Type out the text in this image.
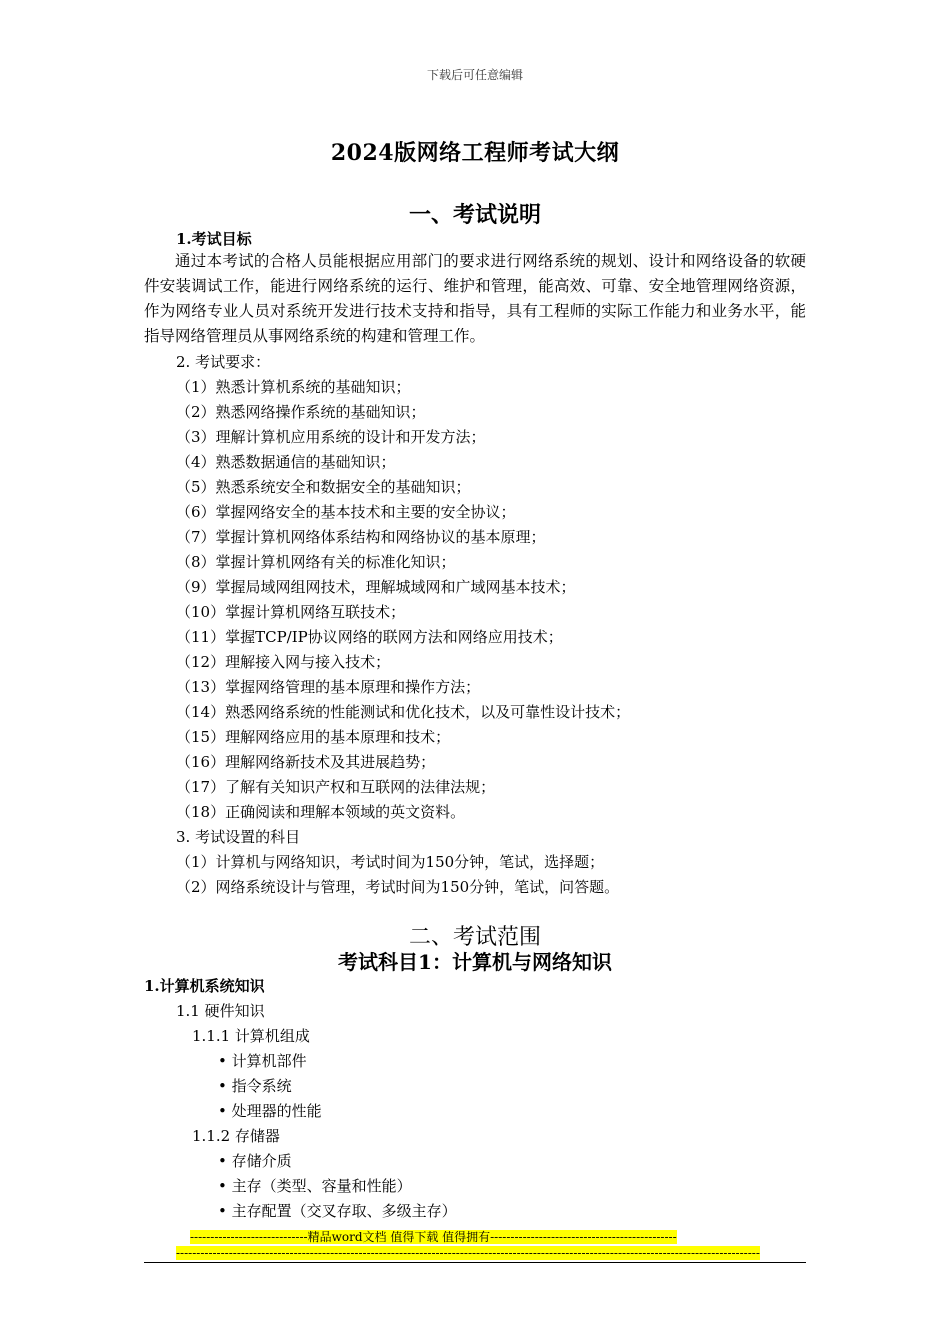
下载后可任意编辑
2024版网络工程师考试大纲
一、考试说明
1.考试目标
通过本考试的合格人员能根据应用部门的要求进行网络系统的规划、设计和网络设备的软硬件安装调试工作，能进行网络系统的运行、维护和管理，能高效、可靠、安全地管理网络资源，作为网络专业人员对系统开发进行技术支持和指导，具有工程师的实际工作能力和业务水平，能指导网络管理员从事网络系统的构建和管理工作。
2. 考试要求：
（1）熟悉计算机系统的基础知识；
（2）熟悉网络操作系统的基础知识；
（3）理解计算机应用系统的设计和开发方法；
（4）熟悉数据通信的基础知识；
（5）熟悉系统安全和数据安全的基础知识；
（6）掌握网络安全的基本技术和主要的安全协议；
（7）掌握计算机网络体系结构和网络协议的基本原理；
（8）掌握计算机网络有关的标准化知识；
（9）掌握局域网组网技术，理解城域网和广域网基本技术；
（10）掌握计算机网络互联技术；
（11）掌握TCP/IP协议网络的联网方法和网络应用技术；
（12）理解接入网与接入技术；
（13）掌握网络管理的基本原理和操作方法；
（14）熟悉网络系统的性能测试和优化技术，以及可靠性设计技术；
（15）理解网络应用的基本原理和技术；
（16）理解网络新技术及其进展趋势；
（17）了解有关知识产权和互联网的法律法规；
（18）正确阅读和理解本领域的英文资料。
3. 考试设置的科目
（1）计算机与网络知识，考试时间为150分钟，笔试，选择题；
（2）网络系统设计与管理，考试时间为150分钟，笔试，问答题。
二、考试范围
考试科目1：计算机与网络知识
1.计算机系统知识
1.1 硬件知识
1.1.1 计算机组成
• 计算机部件
• 指令系统
• 处理器的性能
1.1.2 存储器
• 存储介质
• 主存（类型、容量和性能）
• 主存配置（交叉存取、多级主存）
-----------------------------精品word文档 值得下载 值得拥有----------------------------------------------
------------------------------------------------------------------------------------------------------------------------------------------------
